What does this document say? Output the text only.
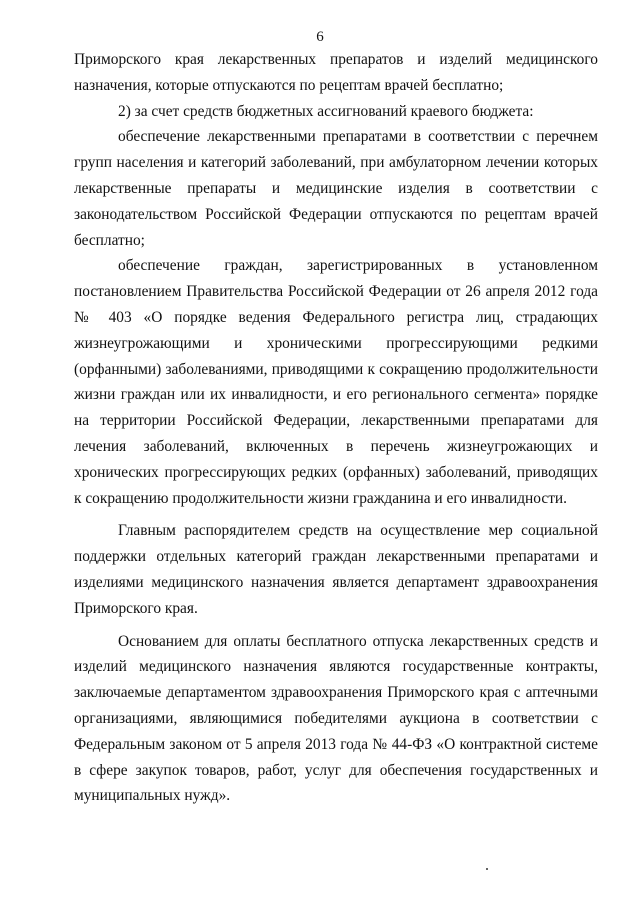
6

Приморского края лекарственных препаратов и изделий медицинского назначения, которые отпускаются по рецептам врачей бесплатно;

2) за счет средств бюджетных ассигнований краевого бюджета:

обеспечение лекарственными препаратами в соответствии с перечнем групп населения и категорий заболеваний, при амбулаторном лечении которых лекарственные препараты и медицинские изделия в соответствии с законодательством Российской Федерации отпускаются по рецептам врачей бесплатно;

обеспечение граждан, зарегистрированных в установленном постановлением Правительства Российской Федерации от 26 апреля 2012 года № 403 «О порядке ведения Федерального регистра лиц, страдающих жизнеугрожающими и хроническими прогрессирующими редкими (орфанными) заболеваниями, приводящими к сокращению продолжительности жизни граждан или их инвалидности, и его регионального сегмента» порядке на территории Российской Федерации, лекарственными препаратами для лечения заболеваний, включенных в перечень жизнеугрожающих и хронических прогрессирующих редких (орфанных) заболеваний, приводящих к сокращению продолжительности жизни гражданина и его инвалидности.

Главным распорядителем средств на осуществление мер социальной поддержки отдельных категорий граждан лекарственными препаратами и изделиями медицинского назначения является департамент здравоохранения Приморского края.

Основанием для оплаты бесплатного отпуска лекарственных средств и изделий медицинского назначения являются государственные контракты, заключаемые департаментом здравоохранения Приморского края с аптечными организациями, являющимися победителями аукциона в соответствии с Федеральным законом от 5 апреля 2013 года № 44-ФЗ «О контрактной системе в сфере закупок товаров, работ, услуг для обеспечения государственных и муниципальных нужд».
